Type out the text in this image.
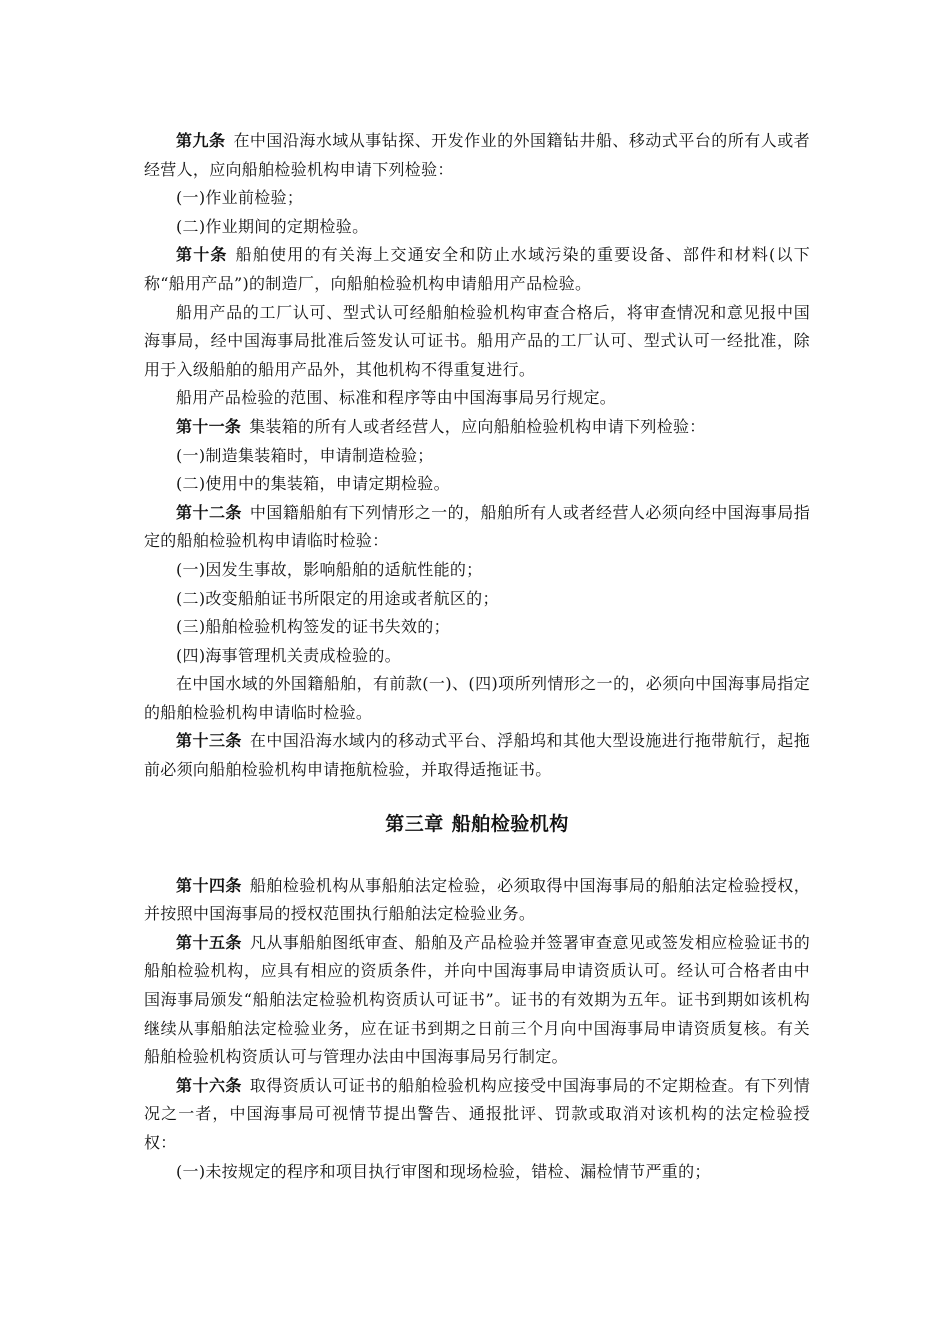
第九条 在中国沿海水域从事钻探、开发作业的外国籍钻井船、移动式平台的所有人或者经营人，应向船舶检验机构申请下列检验：

(一)作业前检验；

(二)作业期间的定期检验。

第十条 船舶使用的有关海上交通安全和防止水域污染的重要设备、部件和材料(以下称“船用产品”)的制造厂，向船舶检验机构申请船用产品检验。

船用产品的工厂认可、型式认可经船舶检验机构审查合格后，将审查情况和意见报中国海事局，经中国海事局批准后签发认可证书。船用产品的工厂认可、型式认可一经批准，除用于入级船舶的船用产品外，其他机构不得重复进行。

船用产品检验的范围、标准和程序等由中国海事局另行规定。

第十一条 集装箱的所有人或者经营人，应向船舶检验机构申请下列检验：

(一)制造集装箱时，申请制造检验；

(二)使用中的集装箱，申请定期检验。

第十二条 中国籍船舶有下列情形之一的，船舶所有人或者经营人必须向经中国海事局指定的船舶检验机构申请临时检验：

(一)因发生事故，影响船舶的适航性能的；

(二)改变船舶证书所限定的用途或者航区的；

(三)船舶检验机构签发的证书失效的；

(四)海事管理机关责成检验的。

在中国水域的外国籍船舶，有前款(一)、(四)项所列情形之一的，必须向中国海事局指定的船舶检验机构申请临时检验。

第十三条 在中国沿海水域内的移动式平台、浮船坞和其他大型设施进行拖带航行，起拖前必须向船舶检验机构申请拖航检验，并取得适拖证书。

第三章 船舶检验机构

第十四条 船舶检验机构从事船舶法定检验，必须取得中国海事局的船舶法定检验授权，并按照中国海事局的授权范围执行船舶法定检验业务。

第十五条 凡从事船舶图纸审查、船舶及产品检验并签署审查意见或签发相应检验证书的船舶检验机构，应具有相应的资质条件，并向中国海事局申请资质认可。经认可合格者由中国海事局颁发“船舶法定检验机构资质认可证书”。证书的有效期为五年。证书到期如该机构继续从事船舶法定检验业务，应在证书到期之日前三个月向中国海事局申请资质复核。有关船舶检验机构资质认可与管理办法由中国海事局另行制定。

第十六条 取得资质认可证书的船舶检验机构应接受中国海事局的不定期检查。有下列情况之一者，中国海事局可视情节提出警告、通报批评、罚款或取消对该机构的法定检验授权：

(一)未按规定的程序和项目执行审图和现场检验，错检、漏检情节严重的；
